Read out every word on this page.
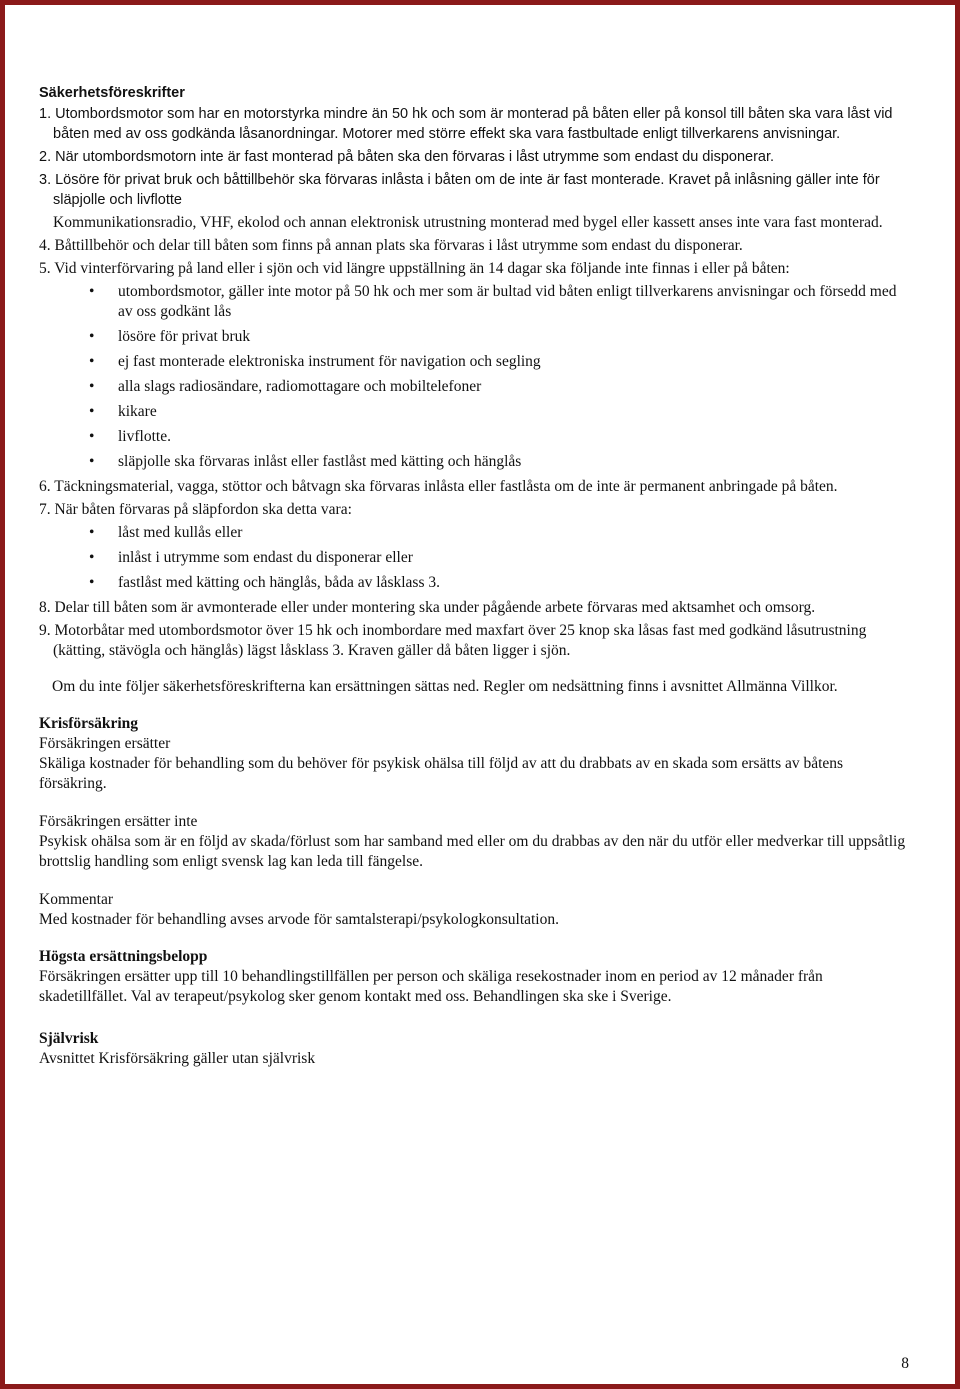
Säkerhetsföreskrifter

1. Utombordsmotor som har en motorstyrka mindre än 50 hk och som är monterad på båten eller på konsol till båten ska vara låst vid båten med av oss godkända låsanordningar. Motorer med större effekt ska vara fastbultade enligt tillverkarens anvisningar.

2. När utombordsmotorn inte är fast monterad på båten ska den förvaras i låst utrymme som endast du disponerar.

3. Lösöre för privat bruk och båttillbehör ska förvaras inlåsta i båten om de inte är fast monterade. Kravet på inlåsning gäller inte för släpjolle och livflotte

Kommunikationsradio, VHF, ekolod och annan elektronisk utrustning monterad med bygel eller kassett anses inte vara fast monterad.

4. Båttillbehör och delar till båten som finns på annan plats ska förvaras i låst utrymme som endast du disponerar.

5. Vid vinterförvaring på land eller i sjön och vid längre uppställning än 14 dagar ska följande inte finnas i eller på båten:

• utombordsmotor, gäller inte motor på 50 hk och mer som är bultad vid båten enligt tillverkarens anvisningar och försedd med av oss godkänt lås
• lösöre för privat bruk
• ej fast monterade elektroniska instrument för navigation och segling
• alla slags radiosändare, radiomottagare och mobiltelefoner
• kikare
• livflotte.
• släpjolle ska förvaras inlåst eller fastlåst med kätting och hänglås

6. Täckningsmaterial, vagga, stöttor och båtvagn ska förvaras inlåsta eller fastlåsta om de inte är permanent anbringade på båten.

7. När båten förvaras på släpfordon ska detta vara:

• låst med kullås eller
• inlåst i utrymme som endast du disponerar eller
• fastlåst med kätting och hänglås, båda av låsklass 3.

8. Delar till båten som är avmonterade eller under montering ska under pågående arbete förvaras med aktsamhet och omsorg.

9. Motorbåtar med utombordsmotor över 15 hk och inombordare med maxfart över 25 knop ska låsas fast med godkänd låsutrustning (kätting, stävögla och hänglås) lägst låsklass 3. Kraven gäller då båten ligger i sjön.

Om du inte följer säkerhetsföreskrifterna kan ersättningen sättas ned. Regler om nedsättning finns i avsnittet Allmänna Villkor.

Krisförsäkring

Försäkringen ersätter

Skäliga kostnader för behandling som du behöver för psykisk ohälsa till följd av att du drabbats av en skada som ersätts av båtens försäkring.

Försäkringen ersätter inte

Psykisk ohälsa som är en följd av skada/förlust som har samband med eller om du drabbas av den när du utför eller medverkar till uppsåtlig brottslig handling som enligt svensk lag kan leda till fängelse.

Kommentar

Med kostnader för behandling avses arvode för samtalsterapi/psykologkonsultation.

Högsta ersättningsbelopp

Försäkringen ersätter upp till 10 behandlingstillfällen per person och skäliga resekostnader inom en period av 12 månader från skadetillfället. Val av terapeut/psykolog sker genom kontakt med oss. Behandlingen ska ske i Sverige.

Självrisk

Avsnittet Krisförsäkring gäller utan självrisk

8
